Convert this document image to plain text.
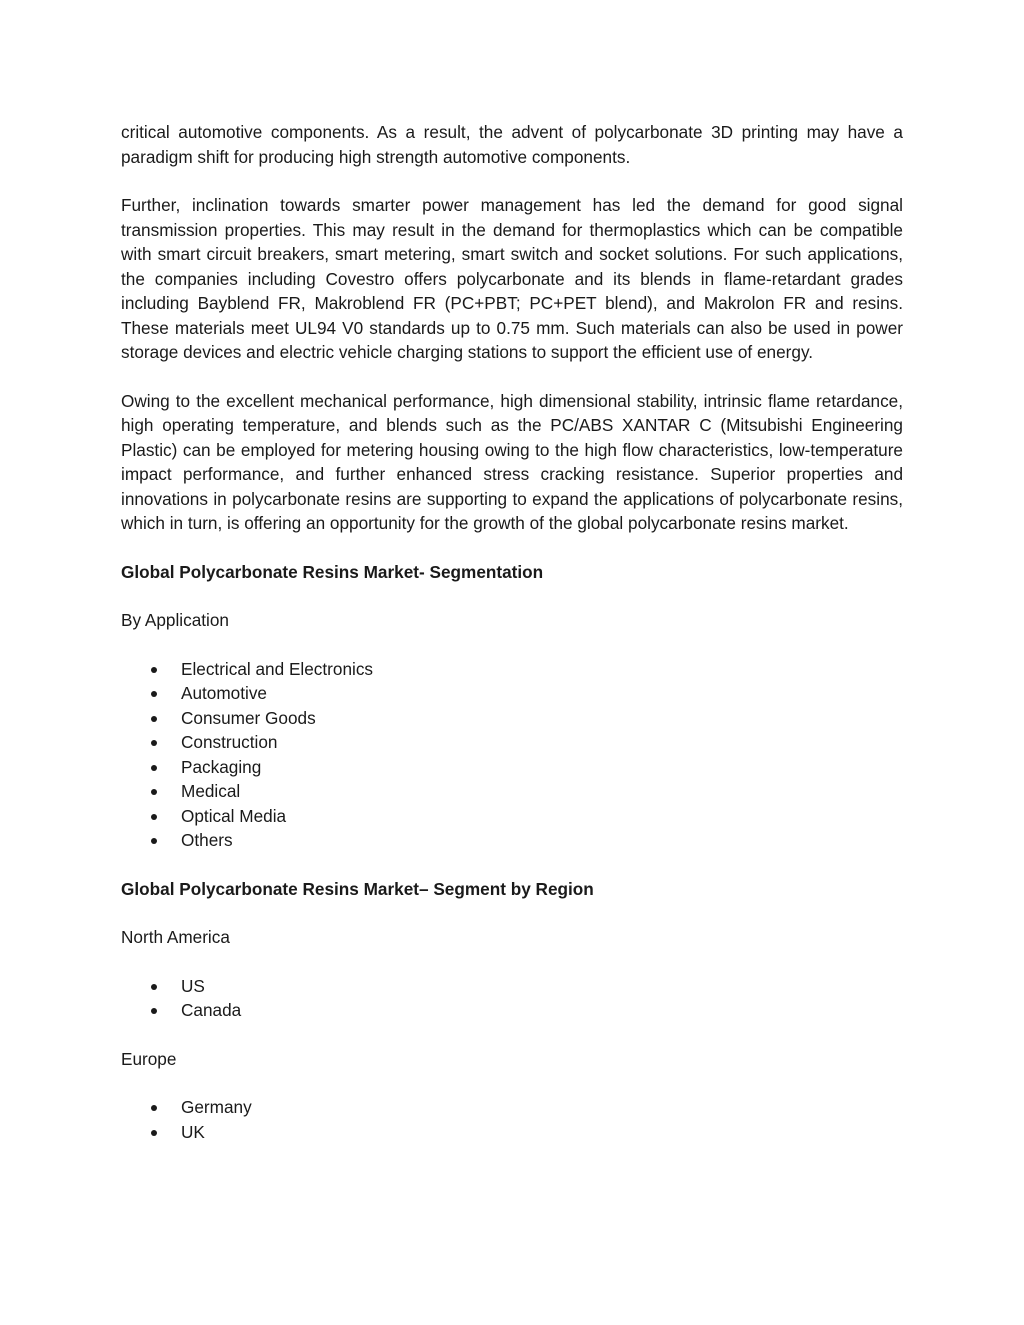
critical automotive components. As a result, the advent of polycarbonate 3D printing may have a paradigm shift for producing high strength automotive components.

Further, inclination towards smarter power management has led the demand for good signal transmission properties. This may result in the demand for thermoplastics which can be compatible with smart circuit breakers, smart metering, smart switch and socket solutions. For such applications, the companies including Covestro offers polycarbonate and its blends in flame-retardant grades including Bayblend FR, Makroblend FR (PC+PBT; PC+PET blend), and Makrolon FR and resins. These materials meet UL94 V0 standards up to 0.75 mm. Such materials can also be used in power storage devices and electric vehicle charging stations to support the efficient use of energy.

Owing to the excellent mechanical performance, high dimensional stability, intrinsic flame retardance, high operating temperature, and blends such as the PC/ABS XANTAR C (Mitsubishi Engineering Plastic) can be employed for metering housing owing to the high flow characteristics, low-temperature impact performance, and further enhanced stress cracking resistance. Superior properties and innovations in polycarbonate resins are supporting to expand the applications of polycarbonate resins, which in turn, is offering an opportunity for the growth of the global polycarbonate resins market.

Global Polycarbonate Resins Market- Segmentation

By Application

Electrical and Electronics
Automotive
Consumer Goods
Construction
Packaging
Medical
Optical Media
Others

Global Polycarbonate Resins Market– Segment by Region

North America

US
Canada

Europe

Germany
UK
